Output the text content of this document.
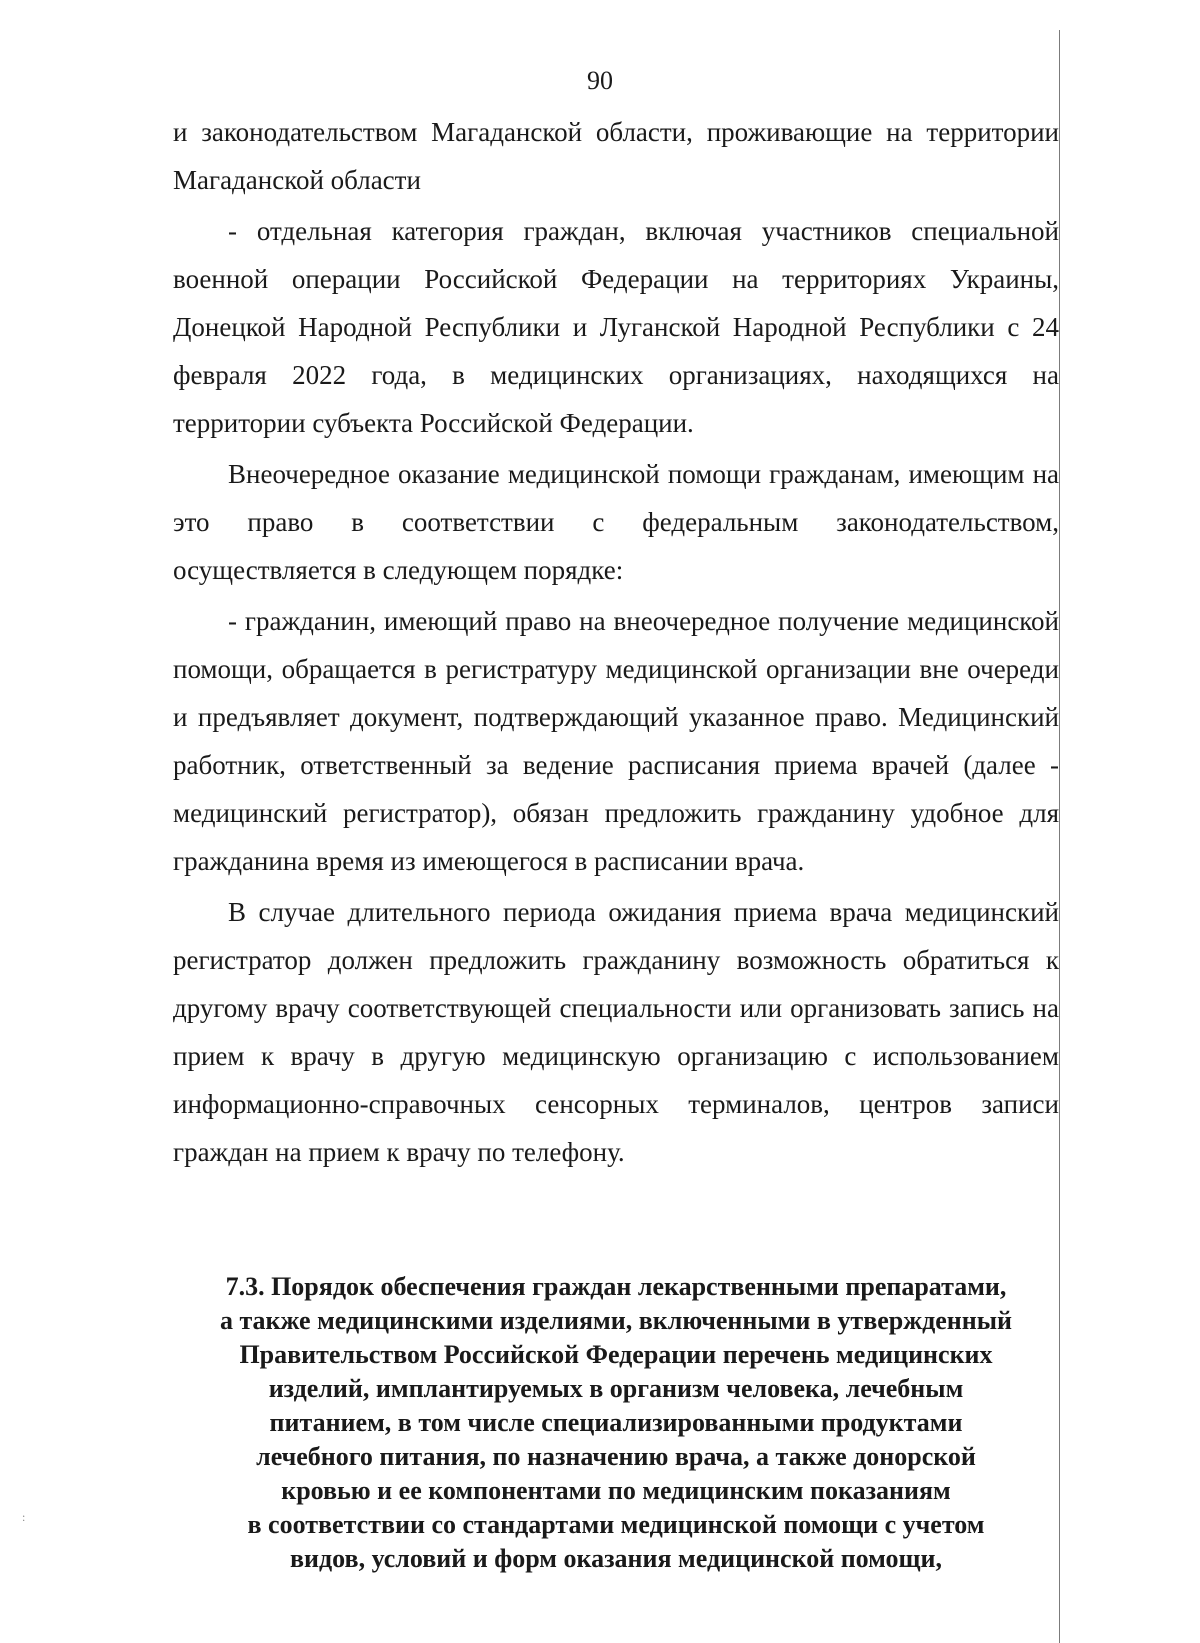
90

и законодательством Магаданской области, проживающие на территории Магаданской области

- отдельная категория граждан, включая участников специальной военной операции Российской Федерации на территориях Украины, Донецкой Народной Республики и Луганской Народной Республики с 24 февраля 2022 года, в медицинских организациях, находящихся на территории субъекта Российской Федерации.

Внеочередное оказание медицинской помощи гражданам, имеющим на это право в соответствии с федеральным законодательством, осуществляется в следующем порядке:

- гражданин, имеющий право на внеочередное получение медицинской помощи, обращается в регистратуру медицинской организации вне очереди и предъявляет документ, подтверждающий указанное право. Медицинский работник, ответственный за ведение расписания приема врачей (далее - медицинский регистратор), обязан предложить гражданину удобное для гражданина время из имеющегося в расписании врача.

В случае длительного периода ожидания приема врача медицинский регистратор должен предложить гражданину возможность обратиться к другому врачу соответствующей специальности или организовать запись на прием к врачу в другую медицинскую организацию с использованием информационно-справочных сенсорных терминалов, центров записи граждан на прием к врачу по телефону.

7.3. Порядок обеспечения граждан лекарственными препаратами,
а также медицинскими изделиями, включенными в утвержденный
Правительством Российской Федерации перечень медицинских
изделий, имплантируемых в организм человека, лечебным
питанием, в том числе специализированными продуктами
лечебного питания, по назначению врача, а также донорской
кровью и ее компонентами по медицинским показаниям
в соответствии со стандартами медицинской помощи с учетом
видов, условий и форм оказания медицинской помощи,
:
